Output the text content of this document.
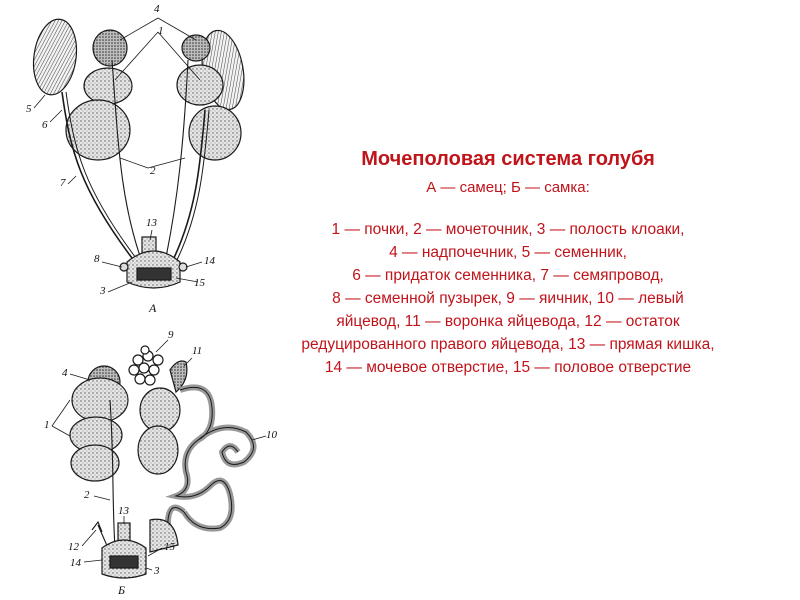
4
1
5
6
2
7
13
8	14
3
15
А
9
11
4
1
10
2
13
12	15
14
3
Б
Мочеполовая система голубя
А — самец; Б — самка:
1 — почки, 2 — мочеточник, 3 — полость клоаки,
4 — надпочечник, 5 — семенник,
6 — придаток семенника, 7 — семяпровод,
8 — семенной пузырек, 9 — яичник, 10 — левый
яйцевод, 11 — воронка яйцевода, 12 — остаток
редуцированного правого яйцевода, 13 — прямая кишка,
14 — мочевое отверстие, 15 — половое отверстие
